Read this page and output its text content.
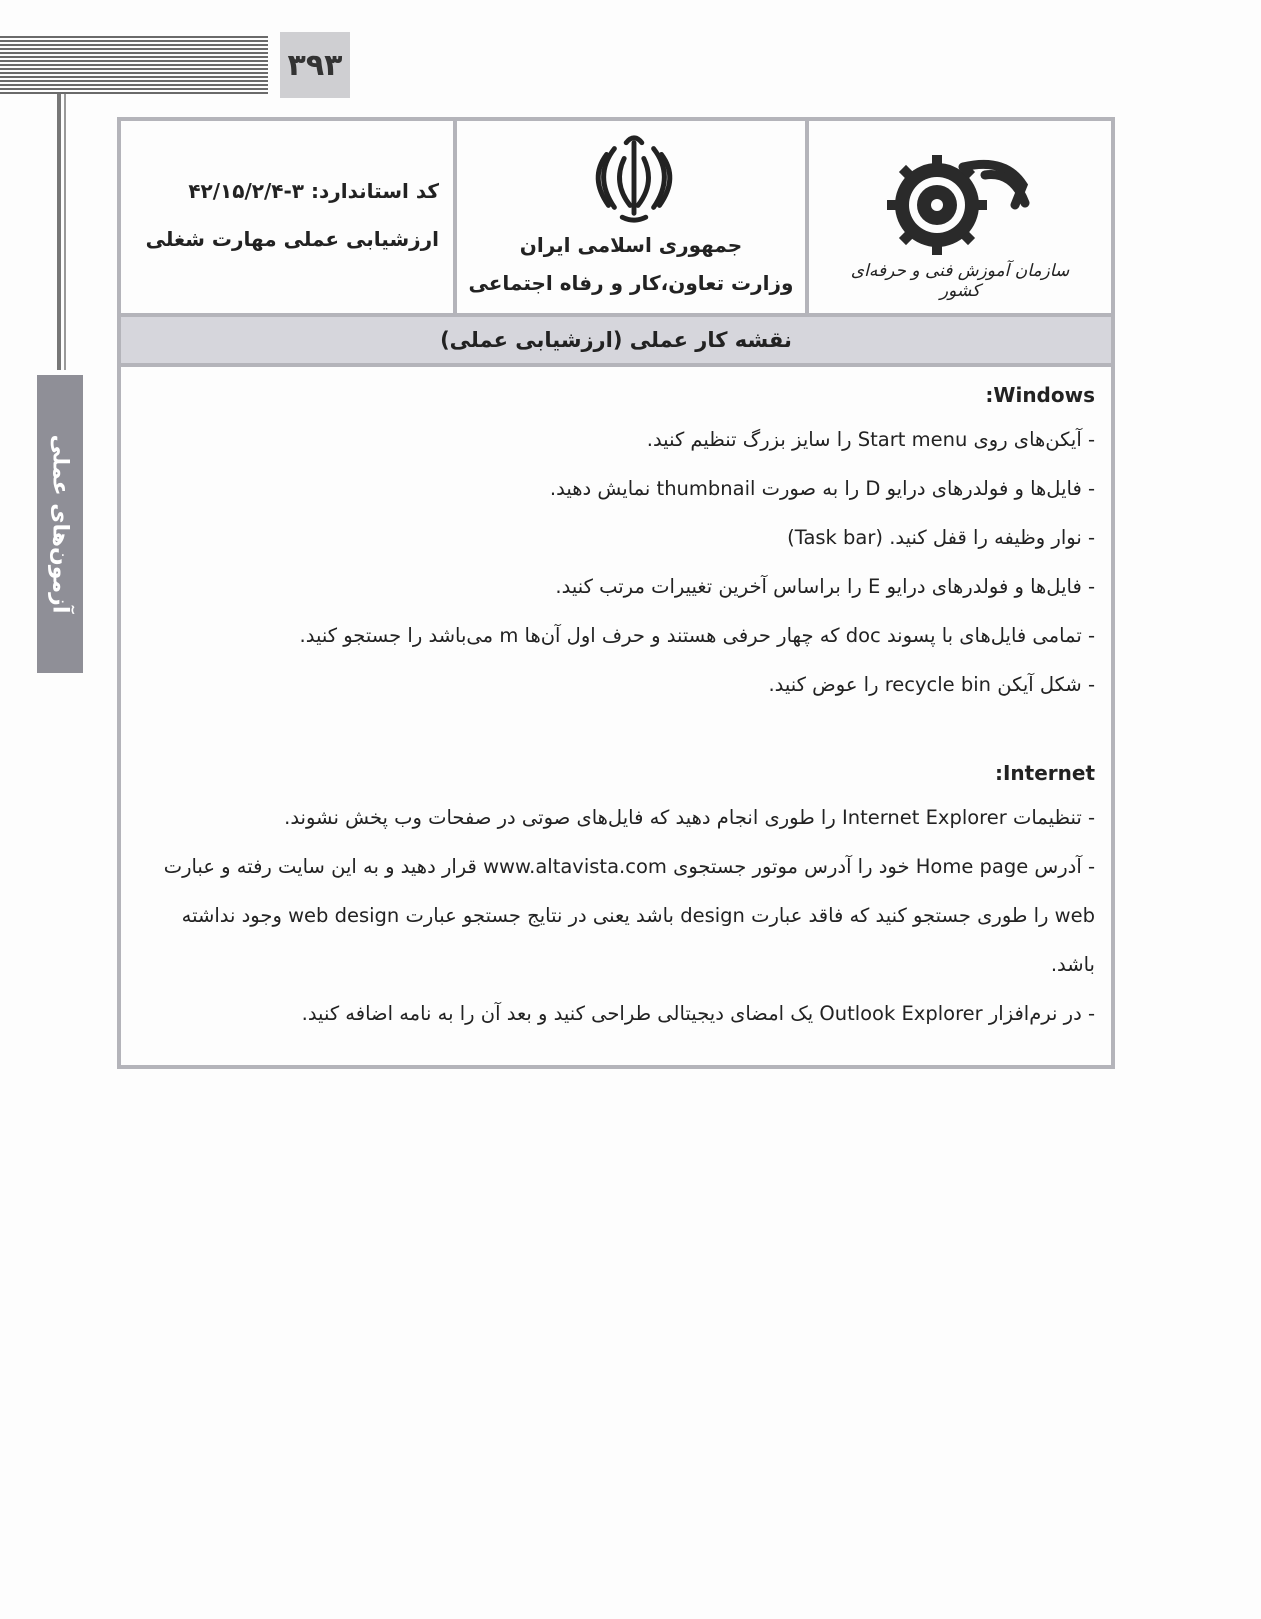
۳۹۳
آزمون‌های عملی
سازمان آموزش فنی و حرفه‌ای کشور
جمهوری اسلامی ایران
وزارت تعاون،کار و رفاه اجتماعی
کد استاندارد: ۳-۴۲/۱۵/۲/۴
ارزشیابی عملی مهارت شغلی
نقشه کار عملی (ارزشیابی عملی)
Windows:
- آیکن‌های روی Start menu را سایز بزرگ تنظیم کنید.
- فایل‌ها و فولدرهای درایو D را به صورت thumbnail نمایش دهید.
- نوار وظیفه را قفل کنید. (Task bar)
- فایل‌ها و فولدرهای درایو E را براساس آخرین تغییرات مرتب کنید.
- تمامی فایل‌های با پسوند doc که چهار حرفی هستند و حرف اول آن‌ها m می‌باشد را جستجو کنید.
- شکل آیکن recycle bin را عوض کنید.
Internet:
- تنظیمات Internet Explorer را طوری انجام دهید که فایل‌های صوتی در صفحات وب پخش نشوند.
- آدرس Home page خود را آدرس موتور جستجوی www.altavista.com قرار دهید و به این سایت رفته و عبارت web را طوری جستجو کنید که فاقد عبارت design باشد یعنی در نتایج جستجو عبارت web design وجود نداشته باشد.
- در نرم‌افزار Outlook Explorer یک امضای دیجیتالی طراحی کنید و بعد آن را به نامه اضافه کنید.
